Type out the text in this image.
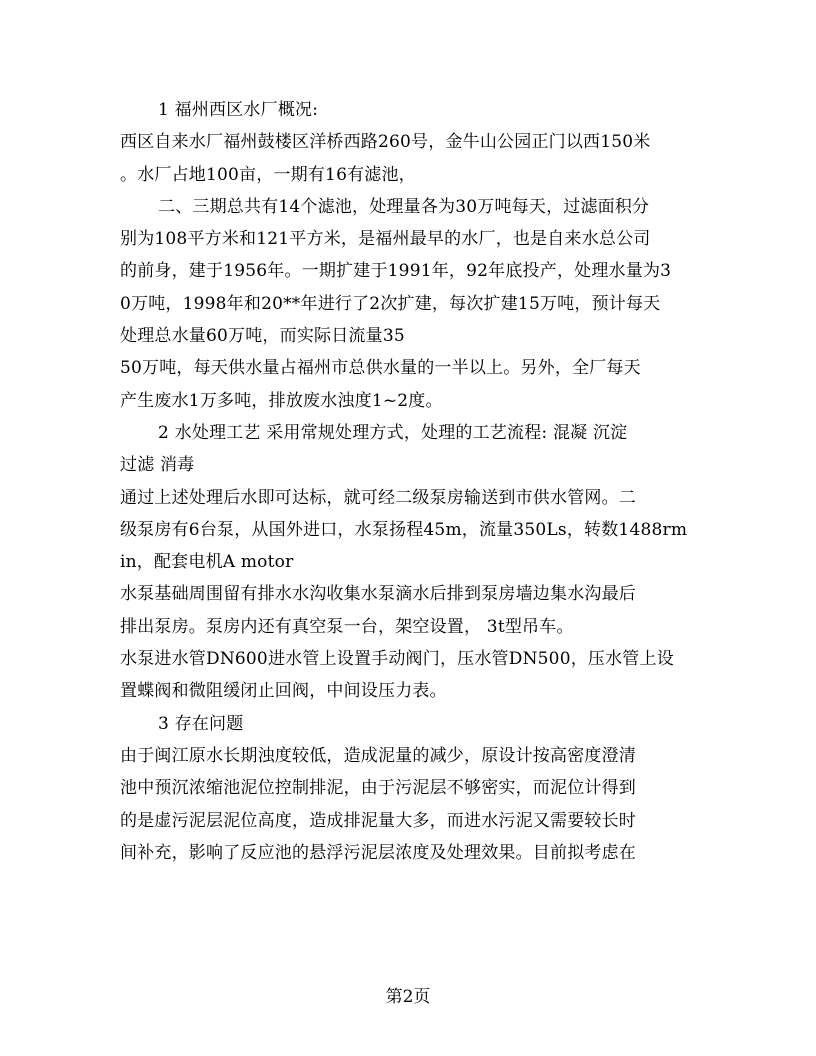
1 福州西区水厂概况:
西区自来水厂福州鼓楼区洋桥西路260号，金牛山公园正门以西150米
。水厂占地100亩，一期有16有滤池，
二、三期总共有14个滤池，处理量各为30万吨每天，过滤面积分
别为108平方米和121平方米，是福州最早的水厂，也是自来水总公司
的前身，建于1956年。一期扩建于1991年，92年底投产，处理水量为3
0万吨，1998年和20**年进行了2次扩建，每次扩建15万吨，预计每天
处理总水量60万吨，而实际日流量35
50万吨，每天供水量占福州市总供水量的一半以上。另外，全厂每天
产生废水1万多吨，排放废水浊度1~2度。
2 水处理工艺 采用常规处理方式，处理的工艺流程: 混凝 沉淀
过滤 消毒
通过上述处理后水即可达标，就可经二级泵房输送到市供水管网。二
级泵房有6台泵，从国外进口，水泵扬程45m，流量350Ls，转数1488rm
in，配套电机A motor
水泵基础周围留有排水水沟收集水泵滴水后排到泵房墙边集水沟最后
排出泵房。泵房内还有真空泵一台，架空设置， 3t型吊车。
水泵进水管DN600进水管上设置手动阀门，压水管DN500，压水管上设
置蝶阀和微阻缓闭止回阀，中间设压力表。
3 存在问题
由于闽江原水长期浊度较低，造成泥量的减少，原设计按高密度澄清
池中预沉浓缩池泥位控制排泥，由于污泥层不够密实，而泥位计得到
的是虚污泥层泥位高度，造成排泥量大多，而进水污泥又需要较长时
间补充，影响了反应池的悬浮污泥层浓度及处理效果。目前拟考虑在
第2页
